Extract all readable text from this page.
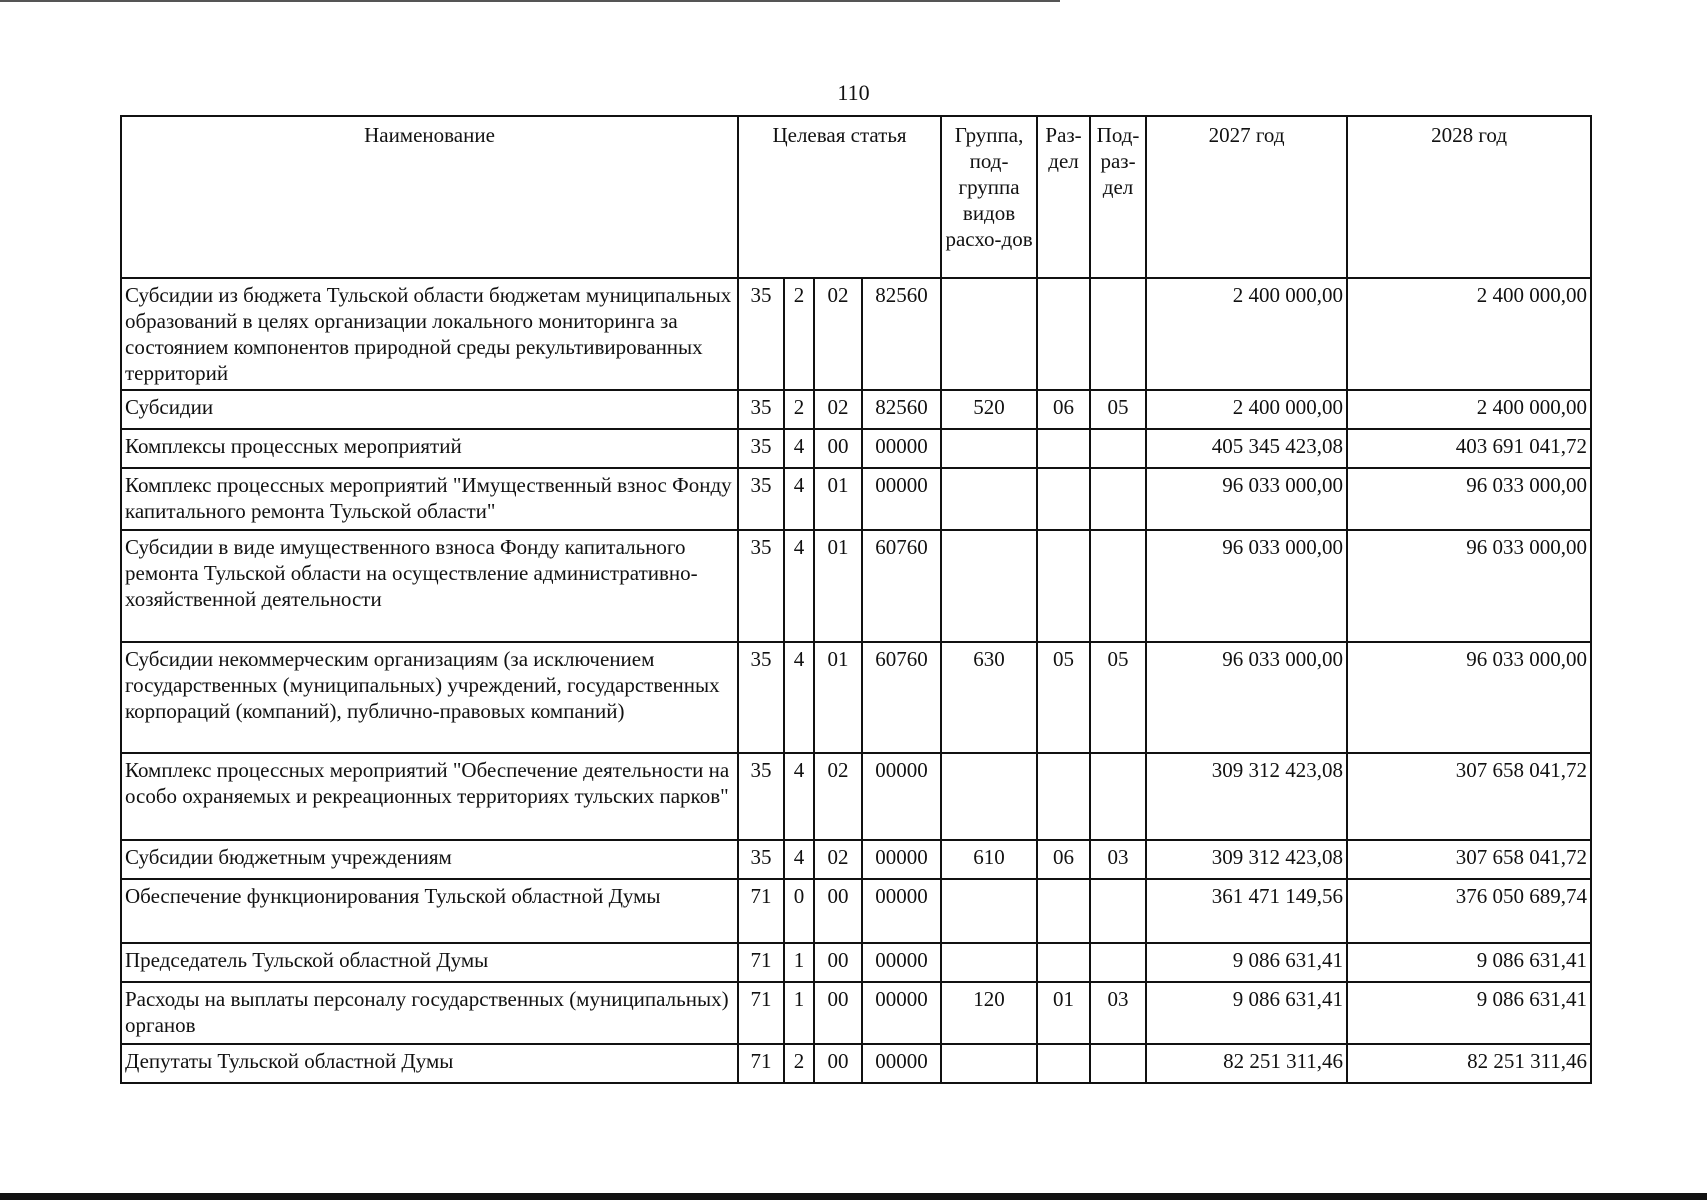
110
Наименование	Целевая статья				Группа, под-группа видов расхо-дов	Раз-дел	Под-раз-дел	2027 год	2028 год
Субсидии из бюджета Тульской области бюджетам муниципальных образований в целях организации локального мониторинга за состоянием компонентов природной среды рекультивированных территорий	35	2	02	82560				2 400 000,00	2 400 000,00
Субсидии	35	2	02	82560	520	06	05	2 400 000,00	2 400 000,00
Комплексы процессных мероприятий	35	4	00	00000				405 345 423,08	403 691 041,72
Комплекс процессных мероприятий "Имущественный взнос Фонду капитального ремонта Тульской области"	35	4	01	00000				96 033 000,00	96 033 000,00
Субсидии в виде имущественного взноса Фонду капитального ремонта Тульской области на осуществление административно-хозяйственной деятельности	35	4	01	60760				96 033 000,00	96 033 000,00
Субсидии некоммерческим организациям (за исключением государственных (муниципальных) учреждений, государственных корпораций (компаний), публично-правовых компаний)	35	4	01	60760	630	05	05	96 033 000,00	96 033 000,00
Комплекс процессных мероприятий "Обеспечение деятельности на особо охраняемых и рекреационных территориях тульских парков"	35	4	02	00000				309 312 423,08	307 658 041,72
Субсидии бюджетным учреждениям	35	4	02	00000	610	06	03	309 312 423,08	307 658 041,72
Обеспечение функционирования Тульской областной Думы	71	0	00	00000				361 471 149,56	376 050 689,74
Председатель Тульской областной Думы	71	1	00	00000				9 086 631,41	9 086 631,41
Расходы на выплаты персоналу государственных (муниципальных) органов	71	1	00	00000	120	01	03	9 086 631,41	9 086 631,41
Депутаты Тульской областной Думы	71	2	00	00000				82 251 311,46	82 251 311,46
